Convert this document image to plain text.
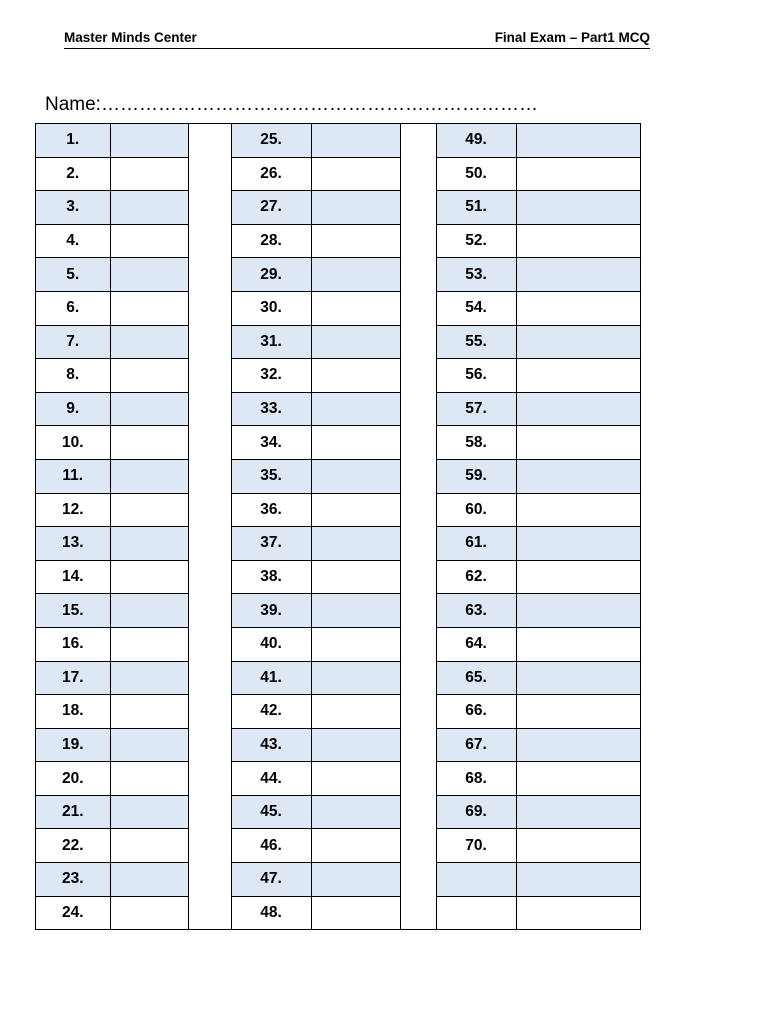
Master Minds Center	Final Exam – Part1 MCQ
Name:……………………………………………………………
1.			25.			49.	
2.			26.			50.	
3.			27.			51.	
4.			28.			52.	
5.			29.			53.	
6.			30.			54.	
7.			31.			55.	
8.			32.			56.	
9.			33.			57.	
10.			34.			58.	
11.			35.			59.	
12.			36.			60.	
13.			37.			61.	
14.			38.			62.	
15.			39.			63.	
16.			40.			64.	
17.			41.			65.	
18.			42.			66.	
19.			43.			67.	
20.			44.			68.	
21.			45.			69.	
22.			46.			70.	
23.			47.				
24.			48.				
